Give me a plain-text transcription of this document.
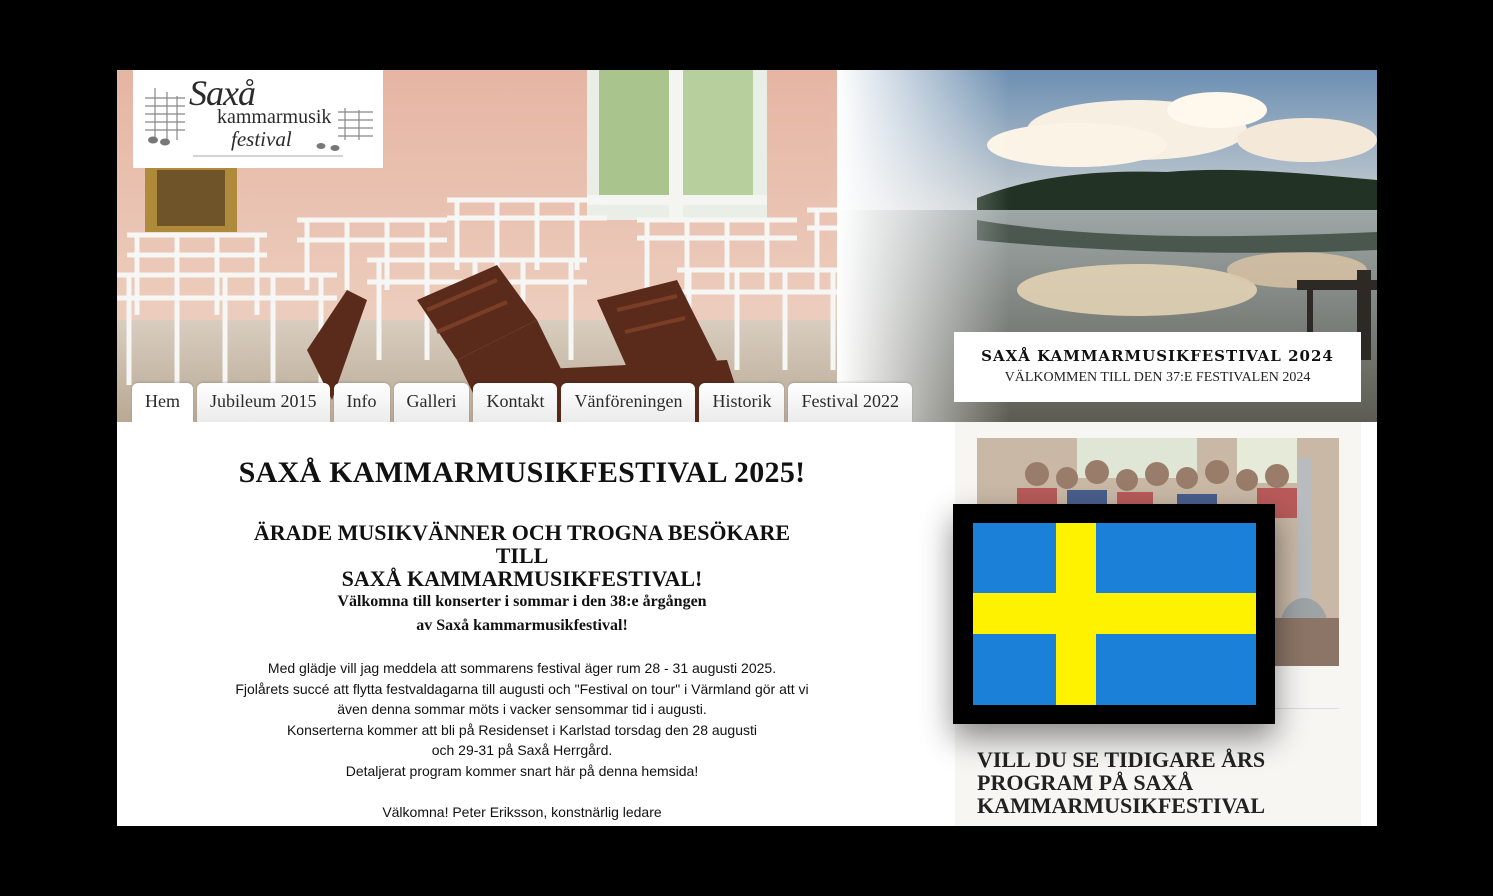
Saxå
kammarmusik
festival
SAXÅ KAMMARMUSIKFESTIVAL 2024
VÄLKOMMEN TILL DEN 37:E FESTIVALEN 2024
Hem	Jubileum 2015	Info	Galleri	Kontakt	Vänföreningen	Historik	Festival 2022
SAXÅ KAMMARMUSIKFESTIVAL 2025!
ÄRADE MUSIKVÄNNER OCH TROGNA BESÖKARE TILL
SAXÅ KAMMARMUSIKFESTIVAL!
Välkomna till konserter i sommar i den 38:e årgången
av Saxå kammarmusikfestival!
Med glädje vill jag meddela att sommarens festival äger rum 28 - 31 augusti 2025.
Fjolårets succé att flytta festvaldagarna till augusti och "Festival on tour" i Värmland gör att vi
även denna sommar möts i vacker sensommar tid i augusti.
Konserterna kommer att bli på Residenset i Karlstad torsdag den 28 augusti
och 29-31 på Saxå Herrgård.
Detaljerat program kommer snart här på denna hemsida!
Välkomna! Peter Eriksson, konstnärlig ledare
VILL DU SE TIDIGARE ÅRS
PROGRAM PÅ SAXÅ
KAMMARMUSIKFESTIVAL
